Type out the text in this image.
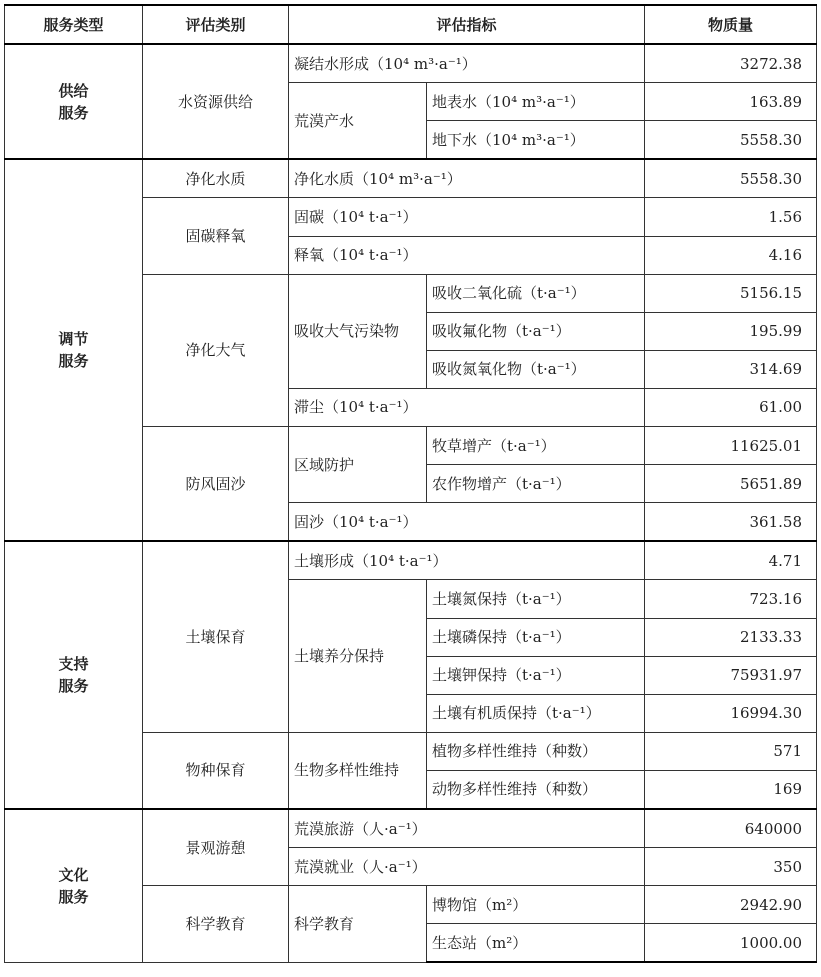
服务类型	评估类别	评估指标		物质量
供给
服务	水资源供给	凝结水形成（10⁴ m³·a⁻¹）		3272.38
		荒漠产水	地表水（10⁴ m³·a⁻¹）	163.89
			地下水（10⁴ m³·a⁻¹）	5558.30
调节
服务	净化水质	净化水质（10⁴ m³·a⁻¹）		5558.30
	固碳释氧	固碳（10⁴ t·a⁻¹）		1.56
		释氧（10⁴ t·a⁻¹）		4.16
	净化大气	吸收大气污染物	吸收二氧化硫（t·a⁻¹）	5156.15
			吸收氟化物（t·a⁻¹）	195.99
			吸收氮氧化物（t·a⁻¹）	314.69
		滞尘（10⁴ t·a⁻¹）		61.00
	防风固沙	区域防护	牧草增产（t·a⁻¹）	11625.01
			农作物增产（t·a⁻¹）	5651.89
		固沙（10⁴ t·a⁻¹）		361.58
支持
服务	土壤保育	土壤形成（10⁴ t·a⁻¹）		4.71
		土壤养分保持	土壤氮保持（t·a⁻¹）	723.16
			土壤磷保持（t·a⁻¹）	2133.33
			土壤钾保持（t·a⁻¹）	75931.97
			土壤有机质保持（t·a⁻¹）	16994.30
	物种保育	生物多样性维持	植物多样性维持（种数）	571
			动物多样性维持（种数）	169
文化
服务	景观游憩	荒漠旅游（人·a⁻¹）		640000
		荒漠就业（人·a⁻¹）		350
	科学教育	科学教育	博物馆（m²）	2942.90
			生态站（m²）	1000.00
